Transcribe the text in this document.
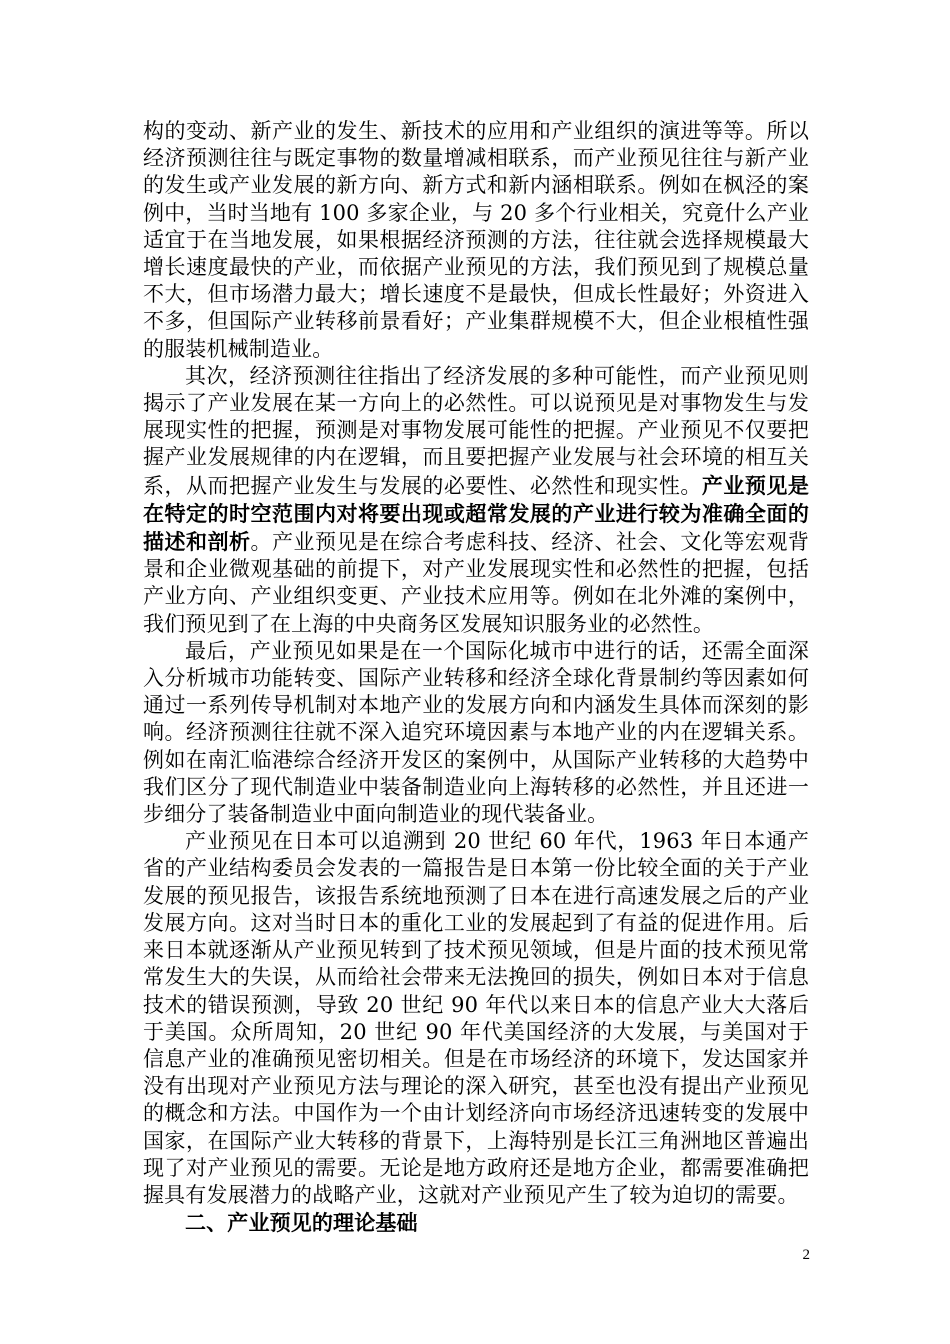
构的变动、新产业的发生、新技术的应用和产业组织的演进等等。所以经济预测往往与既定事物的数量增减相联系，而产业预见往往与新产业的发生或产业发展的新方向、新方式和新内涵相联系。例如在枫泾的案例中，当时当地有 100 多家企业，与 20 多个行业相关，究竟什么产业适宜于在当地发展，如果根据经济预测的方法，往往就会选择规模最大增长速度最快的产业，而依据产业预见的方法，我们预见到了规模总量不大，但市场潜力最大；增长速度不是最快，但成长性最好；外资进入不多，但国际产业转移前景看好；产业集群规模不大，但企业根植性强的服装机械制造业。

其次，经济预测往往指出了经济发展的多种可能性，而产业预见则揭示了产业发展在某一方向上的必然性。可以说预见是对事物发生与发展现实性的把握，预测是对事物发展可能性的把握。产业预见不仅要把握产业发展规律的内在逻辑，而且要把握产业发展与社会环境的相互关系，从而把握产业发生与发展的必要性、必然性和现实性。产业预见是在特定的时空范围内对将要出现或超常发展的产业进行较为准确全面的描述和剖析。产业预见是在综合考虑科技、经济、社会、文化等宏观背景和企业微观基础的前提下，对产业发展现实性和必然性的把握，包括产业方向、产业组织变更、产业技术应用等。例如在北外滩的案例中，我们预见到了在上海的中央商务区发展知识服务业的必然性。

最后，产业预见如果是在一个国际化城市中进行的话，还需全面深入分析城市功能转变、国际产业转移和经济全球化背景制约等因素如何通过一系列传导机制对本地产业的发展方向和内涵发生具体而深刻的影响。经济预测往往就不深入追究环境因素与本地产业的内在逻辑关系。例如在南汇临港综合经济开发区的案例中，从国际产业转移的大趋势中我们区分了现代制造业中装备制造业向上海转移的必然性，并且还进一步细分了装备制造业中面向制造业的现代装备业。

产业预见在日本可以追溯到 20 世纪 60 年代，1963 年日本通产省的产业结构委员会发表的一篇报告是日本第一份比较全面的关于产业发展的预见报告，该报告系统地预测了日本在进行高速发展之后的产业发展方向。这对当时日本的重化工业的发展起到了有益的促进作用。后来日本就逐渐从产业预见转到了技术预见领域，但是片面的技术预见常常发生大的失误，从而给社会带来无法挽回的损失，例如日本对于信息技术的错误预测，导致 20 世纪 90 年代以来日本的信息产业大大落后于美国。众所周知，20 世纪 90 年代美国经济的大发展，与美国对于信息产业的准确预见密切相关。但是在市场经济的环境下，发达国家并没有出现对产业预见方法与理论的深入研究，甚至也没有提出产业预见的概念和方法。中国作为一个由计划经济向市场经济迅速转变的发展中国家，在国际产业大转移的背景下，上海特别是长江三角洲地区普遍出现了对产业预见的需要。无论是地方政府还是地方企业，都需要准确把握具有发展潜力的战略产业，这就对产业预见产生了较为迫切的需要。

二、产业预见的理论基础

2
